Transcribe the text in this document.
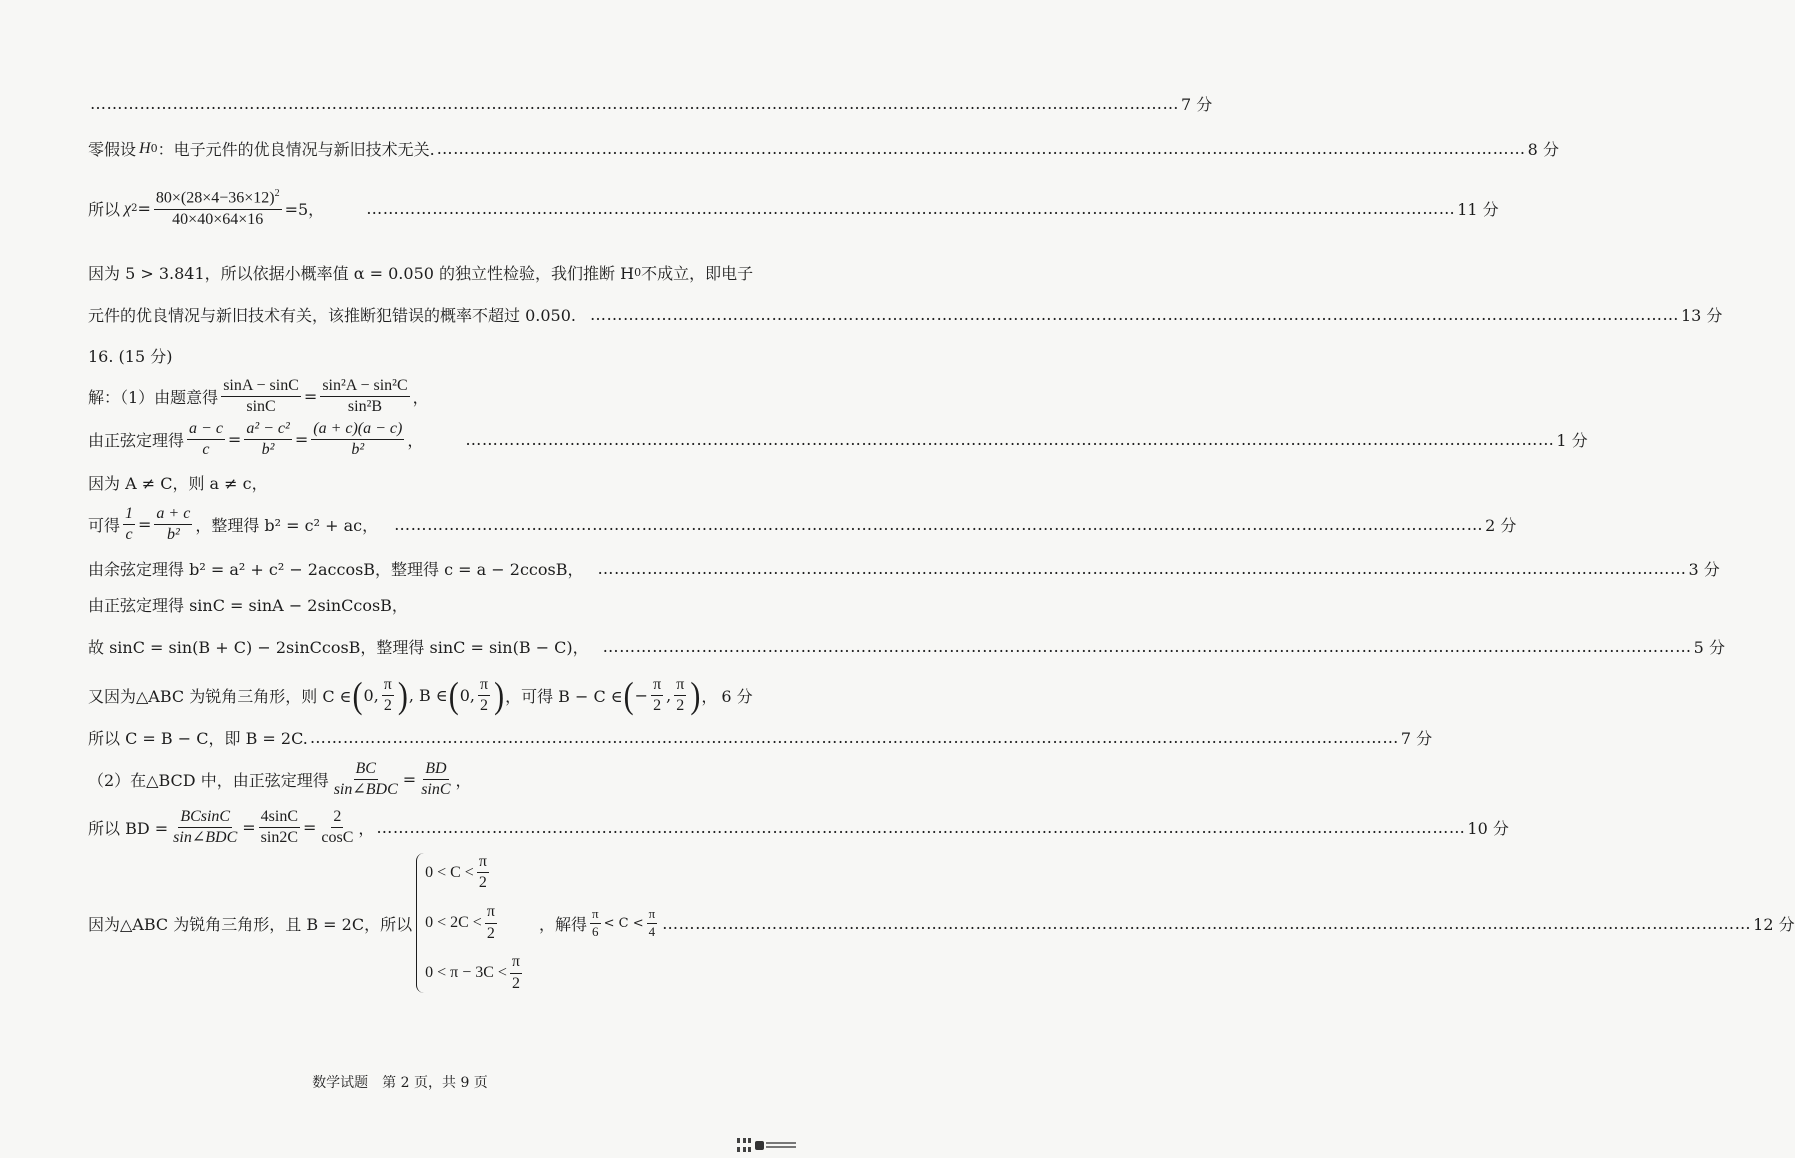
……………………………………………………………………………………………………………………………………………………………………………… 7 分
零假设 H 0 ：电子元件的优良情况与新旧技术无关. ……………………………………………………………………………………………………………………………………………………………………………… 8 分
所以 χ $2 = \frac{80\times(28\times 4-36\times 12)^2}{40\times 40\times 64\times 16} =5$，	……………………………………………………………………………………………………………………………………………………………………………… 11 分
因为 5 > 3.841，所以依据小概率值 α = 0.050 的独立性检验，我们推断 H 0 不成立，即电子
元件的优良情况与新旧技术有关，该推断犯错误的概率不超过 0.050. ……………………………………………………………………………………………………………………………………………………………………………… 13 分
16. (15 分)
解：（1）由题意得 $\frac{\sin A - \sin C}{\sin C} = \frac{\text{sin²A − sin²C}}{\text{sin²B}}$ ，
由正弦定理得 $\frac{a - c}{c} = \frac{\text{a² − c²}}{\text{b²}} = \frac{(a + c)(a - c)}{\text{b²}}$ ，	……………………………………………………………………………………………………………………………………………………………………………… 1 分
因为 A ≠ C，则 a ≠ c，
可得 $\frac{1}{c} = \frac{a + c}{\text{b²}}$ ，整理得 b² = c² + ac， ……………………………………………………………………………………………………………………………………………………………………………… 2 分
由余弦定理得 b² = a² + c² − 2accosB，整理得 c = a − 2ccosB， ……………………………………………………………………………………………………………………………………………………………………………… 3 分
由正弦定理得 sinC = sinA − 2sinCcosB，
故 sinC = sin(B + C) − 2sinCcosB，整理得 sinC = sin(B − C)， ……………………………………………………………………………………………………………………………………………………………………………… 5 分
又因为△ABC 为锐角三角形，则 C ∈ ( 0, $\frac{\pi}{2}$ ) , B ∈ ( 0, $\frac{\pi}{2}$ ) ，可得 B − C ∈ ( − $\frac{\pi}{2}$ , $\frac{\pi}{2}$ ) ， 6 分
所以 C = B − C，即 B = 2C. ……………………………………………………………………………………………………………………………………………………………………………… 7 分
（2）在△BCD 中，由正弦定理得 $\frac{BC}{\text{sin∠BDC}} = \frac{BD}{\sin C}$ ，
所以 BD = $\frac{BCsinC}{\text{sin∠BDC}} = \frac{4\sin C}{\sin 2C} = \frac{2}{\cos C}$ ， ……………………………………………………………………………………………………………………………………………………………………………… 10 分
因为△ABC 为锐角三角形，且 B = 2C，所以
$0 < C < \frac{\pi}{2}$
$0 < 2C < \frac{\pi}{2}$
$0 < \pi - 3C < \frac{\pi}{2}$
，解得 $\frac{\pi}{6} < C < \frac{\pi}{4}$ ……………………………………………………………………………………………………………………………………………………………………………… 12 分
数学试题　第 2 页，共 9 页
